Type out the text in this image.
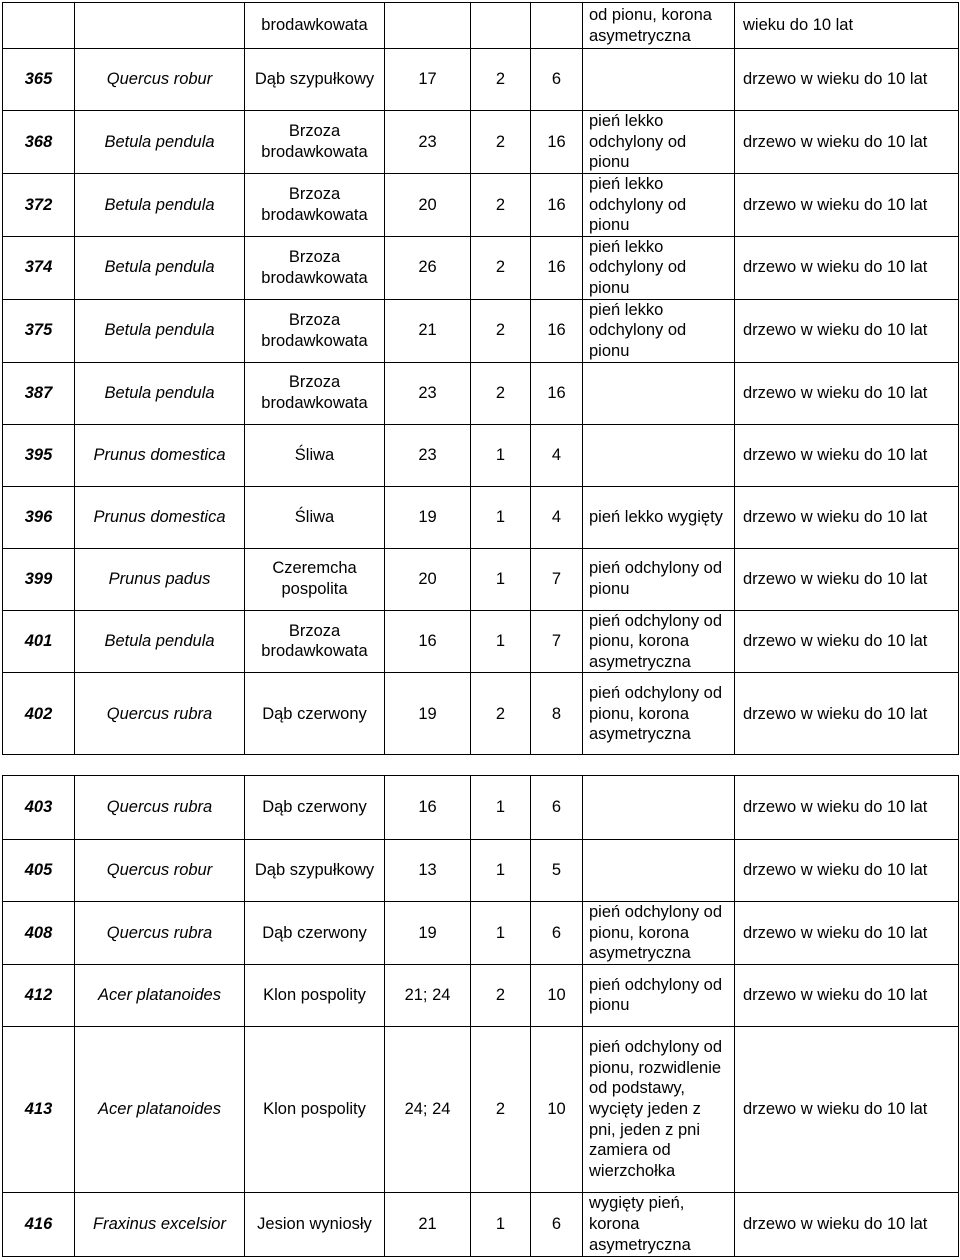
		brodawkowata				od pionu, korona asymetryczna	wieku do 10 lat
365	Quercus robur	Dąb szypułkowy	17	2	6		drzewo w wieku do 10 lat
368	Betula pendula	Brzoza brodawkowata	23	2	16	pień lekko odchylony od pionu	drzewo w wieku do 10 lat
372	Betula pendula	Brzoza brodawkowata	20	2	16	pień lekko odchylony od pionu	drzewo w wieku do 10 lat
374	Betula pendula	Brzoza brodawkowata	26	2	16	pień lekko odchylony od pionu	drzewo w wieku do 10 lat
375	Betula pendula	Brzoza brodawkowata	21	2	16	pień lekko odchylony od pionu	drzewo w wieku do 10 lat
387	Betula pendula	Brzoza brodawkowata	23	2	16		drzewo w wieku do 10 lat
395	Prunus domestica	Śliwa	23	1	4		drzewo w wieku do 10 lat
396	Prunus domestica	Śliwa	19	1	4	pień lekko wygięty	drzewo w wieku do 10 lat
399	Prunus padus	Czeremcha pospolita	20	1	7	pień odchylony od pionu	drzewo w wieku do 10 lat
401	Betula pendula	Brzoza brodawkowata	16	1	7	pień odchylony od pionu, korona asymetryczna	drzewo w wieku do 10 lat
402	Quercus rubra	Dąb czerwony	19	2	8	pień odchylony od pionu, korona asymetryczna	drzewo w wieku do 10 lat
403	Quercus rubra	Dąb czerwony	16	1	6		drzewo w wieku do 10 lat
405	Quercus robur	Dąb szypułkowy	13	1	5		drzewo w wieku do 10 lat
408	Quercus rubra	Dąb czerwony	19	1	6	pień odchylony od pionu, korona asymetryczna	drzewo w wieku do 10 lat
412	Acer platanoides	Klon pospolity	21; 24	2	10	pień odchylony od pionu	drzewo w wieku do 10 lat
413	Acer platanoides	Klon pospolity	24; 24	2	10	pień odchylony od pionu, rozwidlenie od podstawy, wycięty jeden z pni, jeden z pni zamiera od wierzchołka	drzewo w wieku do 10 lat
416	Fraxinus excelsior	Jesion wyniosły	21	1	6	wygięty pień, korona asymetryczna	drzewo w wieku do 10 lat
